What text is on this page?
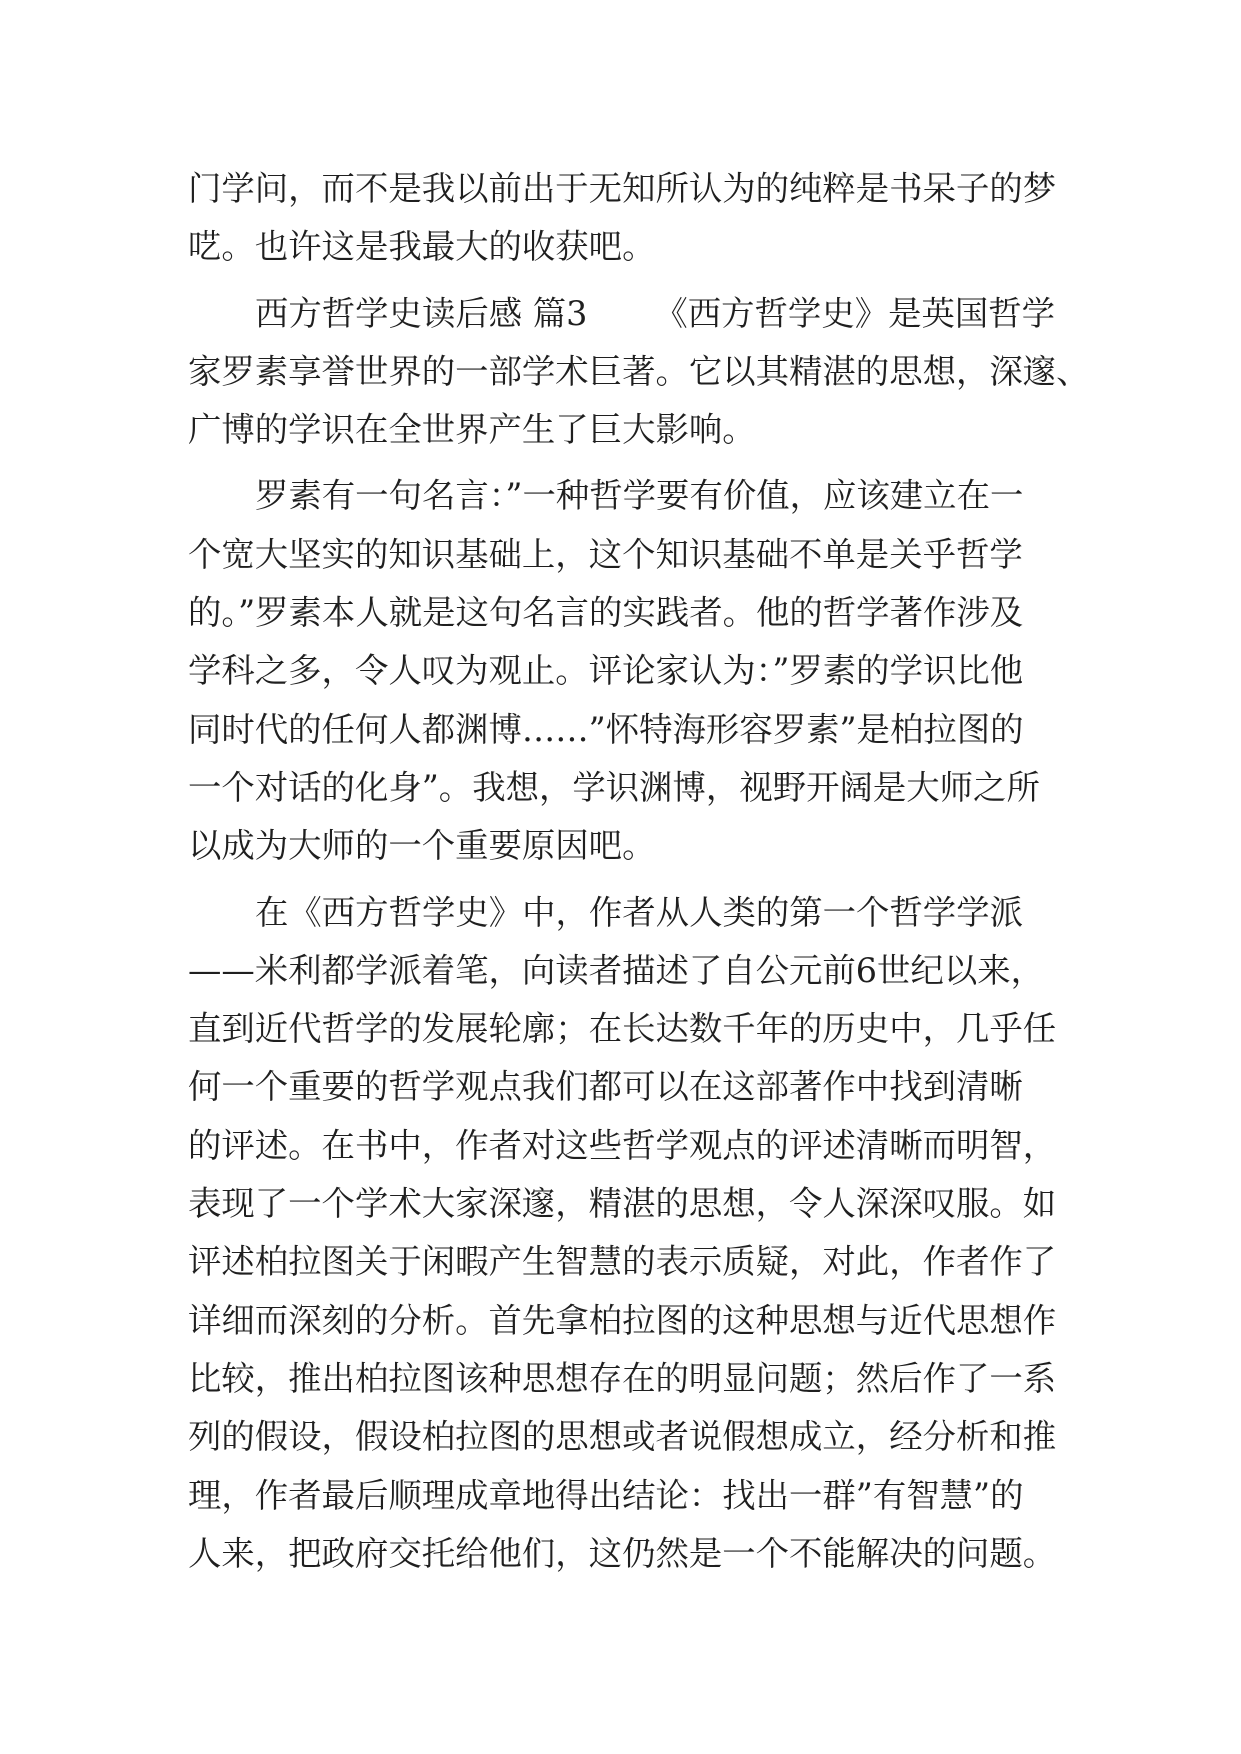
门学问，而不是我以前出于无知所认为的纯粹是书呆子的梦
呓。也许这是我最大的收获吧。
西方哲学史读后感 篇3 《西方哲学史》是英国哲学
家罗素享誉世界的一部学术巨著。它以其精湛的思想，深邃、
广博的学识在全世界产生了巨大影响。
罗素有一句名言：”一种哲学要有价值，应该建立在一
个宽大坚实的知识基础上，这个知识基础不单是关乎哲学
的。”罗素本人就是这句名言的实践者。他的哲学著作涉及
学科之多，令人叹为观止。评论家认为：”罗素的学识比他
同时代的任何人都渊博……”怀特海形容罗素”是柏拉图的
一个对话的化身”。我想，学识渊博，视野开阔是大师之所
以成为大师的一个重要原因吧。
在《西方哲学史》中，作者从人类的第一个哲学学派
——米利都学派着笔，向读者描述了自公元前6世纪以来，
直到近代哲学的发展轮廓；在长达数千年的历史中，几乎任
何一个重要的哲学观点我们都可以在这部著作中找到清晰
的评述。在书中，作者对这些哲学观点的评述清晰而明智，
表现了一个学术大家深邃，精湛的思想，令人深深叹服。如
评述柏拉图关于闲暇产生智慧的表示质疑，对此，作者作了
详细而深刻的分析。首先拿柏拉图的这种思想与近代思想作
比较，推出柏拉图该种思想存在的明显问题；然后作了一系
列的假设，假设柏拉图的思想或者说假想成立，经分析和推
理，作者最后顺理成章地得出结论：找出一群”有智慧”的
人来，把政府交托给他们，这仍然是一个不能解决的问题。
